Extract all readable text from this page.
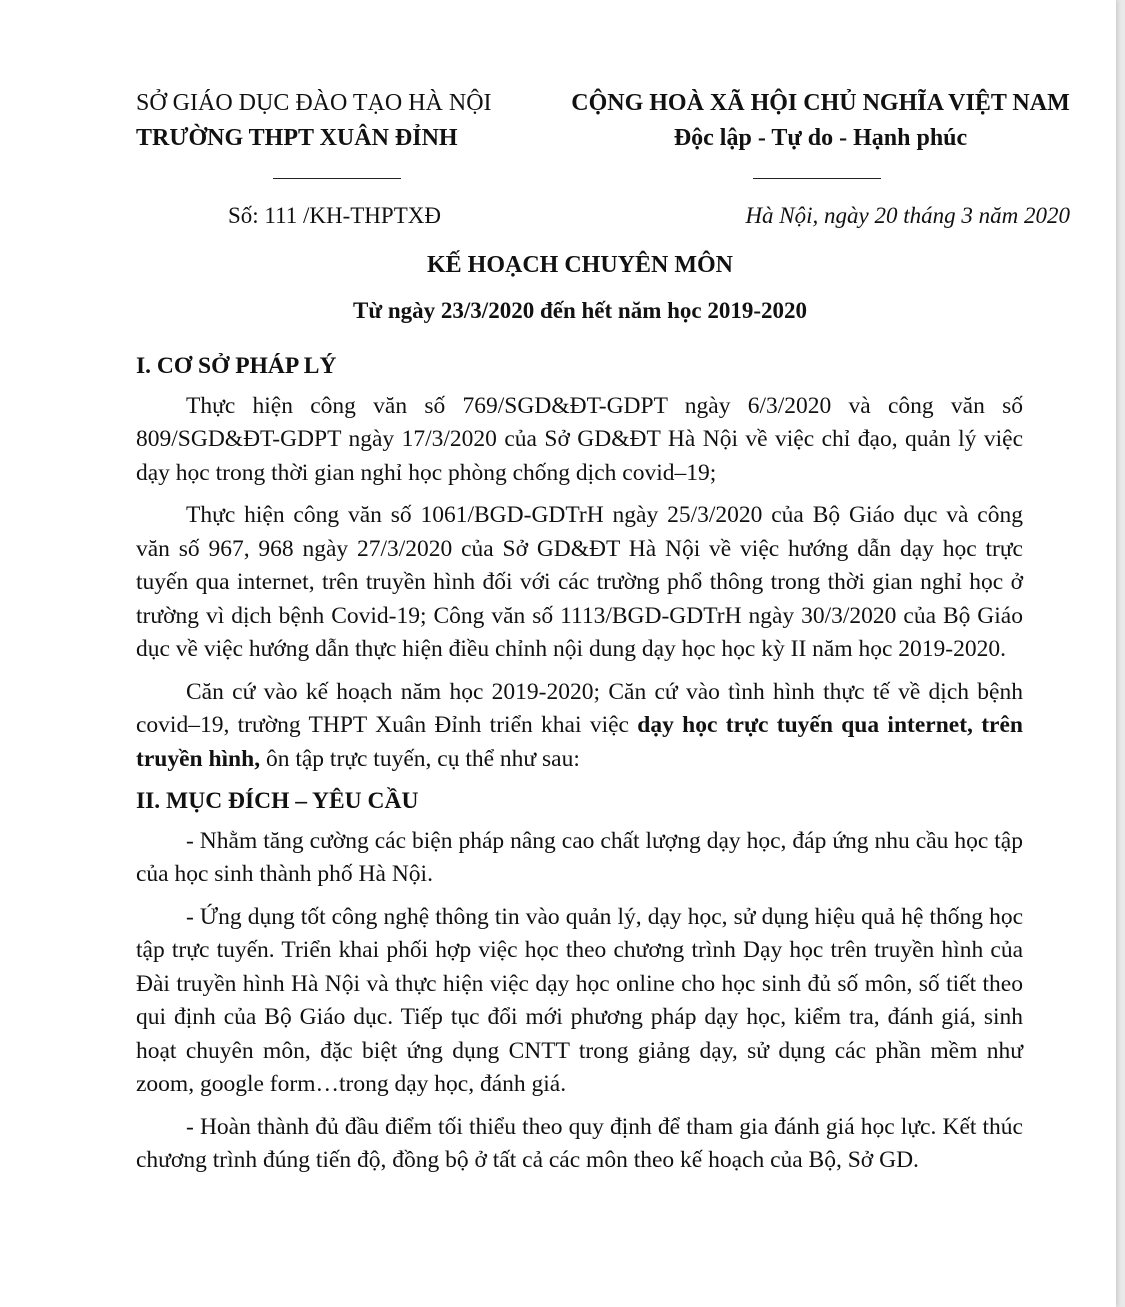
SỞ GIÁO DỤC ĐÀO TẠO HÀ NỘI
TRƯỜNG THPT XUÂN ĐỈNH
CỘNG HOÀ XÃ HỘI CHỦ NGHĨA VIỆT NAM
Độc lập - Tự do - Hạnh phúc
Số: 111 /KH-THPTXĐ	Hà Nội, ngày 20 tháng 3 năm 2020
KẾ HOẠCH CHUYÊN MÔN
Từ ngày 23/3/2020 đến hết năm học 2019-2020
I. CƠ SỞ PHÁP LÝ

Thực hiện công văn số 769/SGD&ĐT-GDPT ngày 6/3/2020 và công văn số 809/SGD&ĐT-GDPT ngày 17/3/2020 của Sở GD&ĐT Hà Nội về việc chỉ đạo, quản lý việc dạy học trong thời gian nghỉ học phòng chống dịch covid–19;

Thực hiện công văn số 1061/BGD-GDTrH ngày 25/3/2020 của Bộ Giáo dục và công văn số 967, 968 ngày 27/3/2020 của Sở GD&ĐT Hà Nội về việc hướng dẫn dạy học trực tuyến qua internet, trên truyền hình đối với các trường phổ thông trong thời gian nghỉ học ở trường vì dịch bệnh Covid-19; Công văn số 1113/BGD-GDTrH ngày 30/3/2020 của Bộ Giáo dục về việc hướng dẫn thực hiện điều chỉnh nội dung dạy học học kỳ II năm học 2019-2020.

Căn cứ vào kế hoạch năm học 2019-2020; Căn cứ vào tình hình thực tế về dịch bệnh covid–19, trường THPT Xuân Đỉnh triển khai việc dạy học trực tuyến qua internet, trên truyền hình, ôn tập trực tuyến, cụ thể như sau:

II. MỤC ĐÍCH – YÊU CẦU

- Nhằm tăng cường các biện pháp nâng cao chất lượng dạy học, đáp ứng nhu cầu học tập của học sinh thành phố Hà Nội.

- Ứng dụng tốt công nghệ thông tin vào quản lý, dạy học, sử dụng hiệu quả hệ thống học tập trực tuyến. Triển khai phối hợp việc học theo chương trình Dạy học trên truyền hình của Đài truyền hình Hà Nội và thực hiện việc dạy học online cho học sinh đủ số môn, số tiết theo qui định của Bộ Giáo dục. Tiếp tục đổi mới phương pháp dạy học, kiểm tra, đánh giá, sinh hoạt chuyên môn, đặc biệt ứng dụng CNTT trong giảng dạy, sử dụng các phần mềm như zoom, google form…trong dạy học, đánh giá.

- Hoàn thành đủ đầu điểm tối thiểu theo quy định để tham gia đánh giá học lực. Kết thúc chương trình đúng tiến độ, đồng bộ ở tất cả các môn theo kế hoạch của Bộ, Sở GD.
